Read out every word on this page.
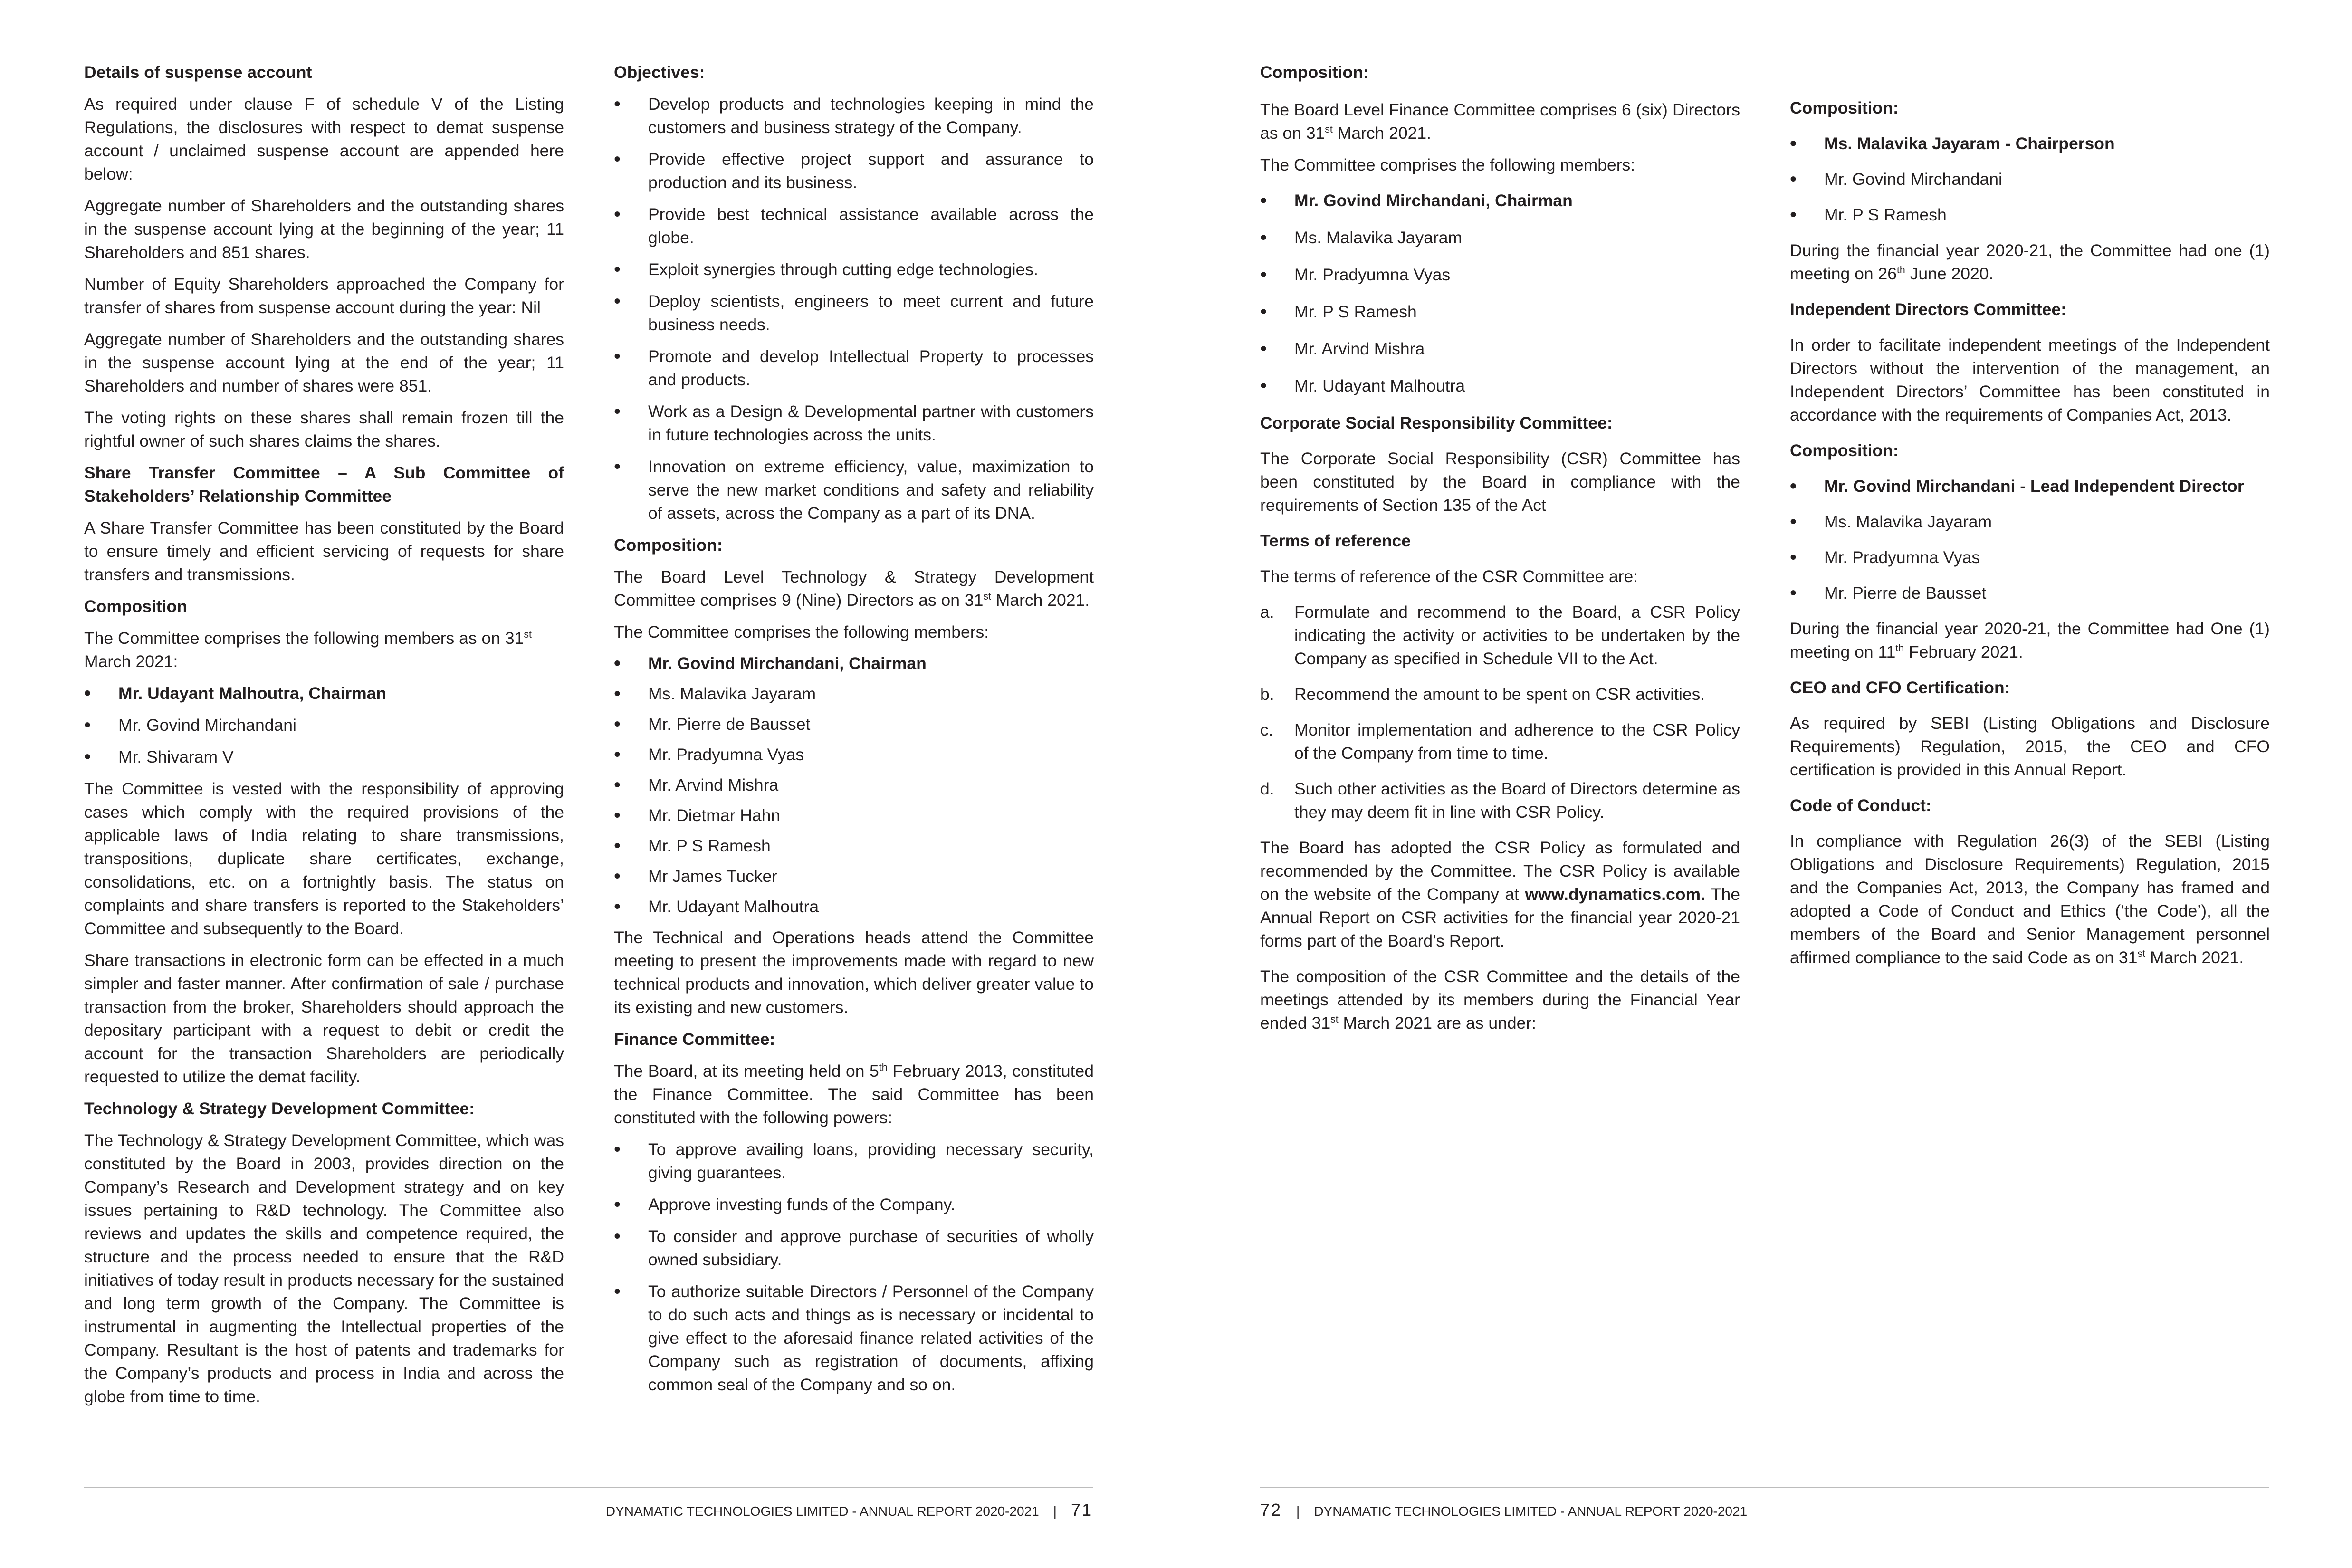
Details of suspense account
As required under clause F of schedule V of the Listing Regulations, the disclosures with respect to demat suspense account / unclaimed suspense account are appended here below:
Aggregate number of Shareholders and the outstanding shares in the suspense account lying at the beginning of the year; 11 Shareholders and 851 shares.
Number of Equity Shareholders approached the Company for transfer of shares from suspense account during the year: Nil
Aggregate number of Shareholders and the outstanding shares in the suspense account lying at the end of the year; 11 Shareholders and number of shares were 851.
The voting rights on these shares shall remain frozen till the rightful owner of such shares claims the shares.
Share Transfer Committee – A Sub Committee of Stakeholders’ Relationship Committee
A Share Transfer Committee has been constituted by the Board to ensure timely and efficient servicing of requests for share transfers and transmissions.
Composition
The Committee comprises the following members as on 31st March 2021:
• Mr. Udayant Malhoutra, Chairman
• Mr. Govind Mirchandani
• Mr. Shivaram V
The Committee is vested with the responsibility of approving cases which comply with the required provisions of the applicable laws of India relating to share transmissions, transpositions, duplicate share certificates, exchange, consolidations, etc. on a fortnightly basis. The status on complaints and share transfers is reported to the Stakeholders’ Committee and subsequently to the Board.
Share transactions in electronic form can be effected in a much simpler and faster manner. After confirmation of sale / purchase transaction from the broker, Shareholders should approach the depositary participant with a request to debit or credit the account for the transaction Shareholders are periodically requested to utilize the demat facility.
Technology & Strategy Development Committee:
The Technology & Strategy Development Committee, which was constituted by the Board in 2003, provides direction on the Company’s Research and Development strategy and on key issues pertaining to R&D technology. The Committee also reviews and updates the skills and competence required, the structure and the process needed to ensure that the R&D initiatives of today result in products necessary for the sustained and long term growth of the Company. The Committee is instrumental in augmenting the Intellectual properties of the Company. Resultant is the host of patents and trademarks for the Company’s products and process in India and across the globe from time to time.
Objectives:
• Develop products and technologies keeping in mind the customers and business strategy of the Company.
• Provide effective project support and assurance to production and its business.
• Provide best technical assistance available across the globe.
• Exploit synergies through cutting edge technologies.
• Deploy scientists, engineers to meet current and future business needs.
• Promote and develop Intellectual Property to processes and products.
• Work as a Design & Developmental partner with customers in future technologies across the units.
• Innovation on extreme efficiency, value, maximization to serve the new market conditions and safety and reliability of assets, across the Company as a part of its DNA.
Composition:
The Board Level Technology & Strategy Development Committee comprises 9 (Nine) Directors as on 31st March 2021.
The Committee comprises the following members:
• Mr. Govind Mirchandani, Chairman
• Ms. Malavika Jayaram
• Mr. Pierre de Bausset
• Mr. Pradyumna Vyas
• Mr. Arvind Mishra
• Mr. Dietmar Hahn
• Mr. P S Ramesh
• Mr James Tucker
• Mr. Udayant Malhoutra
The Technical and Operations heads attend the Committee meeting to present the improvements made with regard to new technical products and innovation, which deliver greater value to its existing and new customers.
Finance Committee:
The Board, at its meeting held on 5th February 2013, constituted the Finance Committee. The said Committee has been constituted with the following powers:
• To approve availing loans, providing necessary security, giving guarantees.
• Approve investing funds of the Company.
• To consider and approve purchase of securities of wholly owned subsidiary.
• To authorize suitable Directors / Personnel of the Company to do such acts and things as is necessary or incidental to give effect to the aforesaid finance related activities of the Company such as registration of documents, affixing common seal of the Company and so on.
DYNAMATIC TECHNOLOGIES LIMITED - ANNUAL REPORT 2020-2021 | 71
Composition:
The Board Level Finance Committee comprises 6 (six) Directors as on 31st March 2021.
The Committee comprises the following members:
• Mr. Govind Mirchandani, Chairman
• Ms. Malavika Jayaram
• Mr. Pradyumna Vyas
• Mr. P S Ramesh
• Mr. Arvind Mishra
• Mr. Udayant Malhoutra
Corporate Social Responsibility Committee:
The Corporate Social Responsibility (CSR) Committee has been constituted by the Board in compliance with the requirements of Section 135 of the Act
Terms of reference
The terms of reference of the CSR Committee are:
a. Formulate and recommend to the Board, a CSR Policy indicating the activity or activities to be undertaken by the Company as specified in Schedule VII to the Act.
b. Recommend the amount to be spent on CSR activities.
c. Monitor implementation and adherence to the CSR Policy of the Company from time to time.
d. Such other activities as the Board of Directors determine as they may deem fit in line with CSR Policy.
The Board has adopted the CSR Policy as formulated and recommended by the Committee. The CSR Policy is available on the website of the Company at www.dynamatics.com. The Annual Report on CSR activities for the financial year 2020-21 forms part of the Board’s Report.
The composition of the CSR Committee and the details of the meetings attended by its members during the Financial Year ended 31st March 2021 are as under:
Composition:
• Ms. Malavika Jayaram - Chairperson
• Mr. Govind Mirchandani
• Mr. P S Ramesh
During the financial year 2020-21, the Committee had one (1) meeting on 26th June 2020.
Independent Directors Committee:
In order to facilitate independent meetings of the Independent Directors without the intervention of the management, an Independent Directors’ Committee has been constituted in accordance with the requirements of Companies Act, 2013.
Composition:
• Mr. Govind Mirchandani - Lead Independent Director
• Ms. Malavika Jayaram
• Mr. Pradyumna Vyas
• Mr. Pierre de Bausset
During the financial year 2020-21, the Committee had One (1) meeting on 11th February 2021.
CEO and CFO Certification:
As required by SEBI (Listing Obligations and Disclosure Requirements) Regulation, 2015, the CEO and CFO certification is provided in this Annual Report.
Code of Conduct:
In compliance with Regulation 26(3) of the SEBI (Listing Obligations and Disclosure Requirements) Regulation, 2015 and the Companies Act, 2013, the Company has framed and adopted a Code of Conduct and Ethics (‘the Code’), all the members of the Board and Senior Management personnel affirmed compliance to the said Code as on 31st March 2021.
72 | DYNAMATIC TECHNOLOGIES LIMITED - ANNUAL REPORT 2020-2021
